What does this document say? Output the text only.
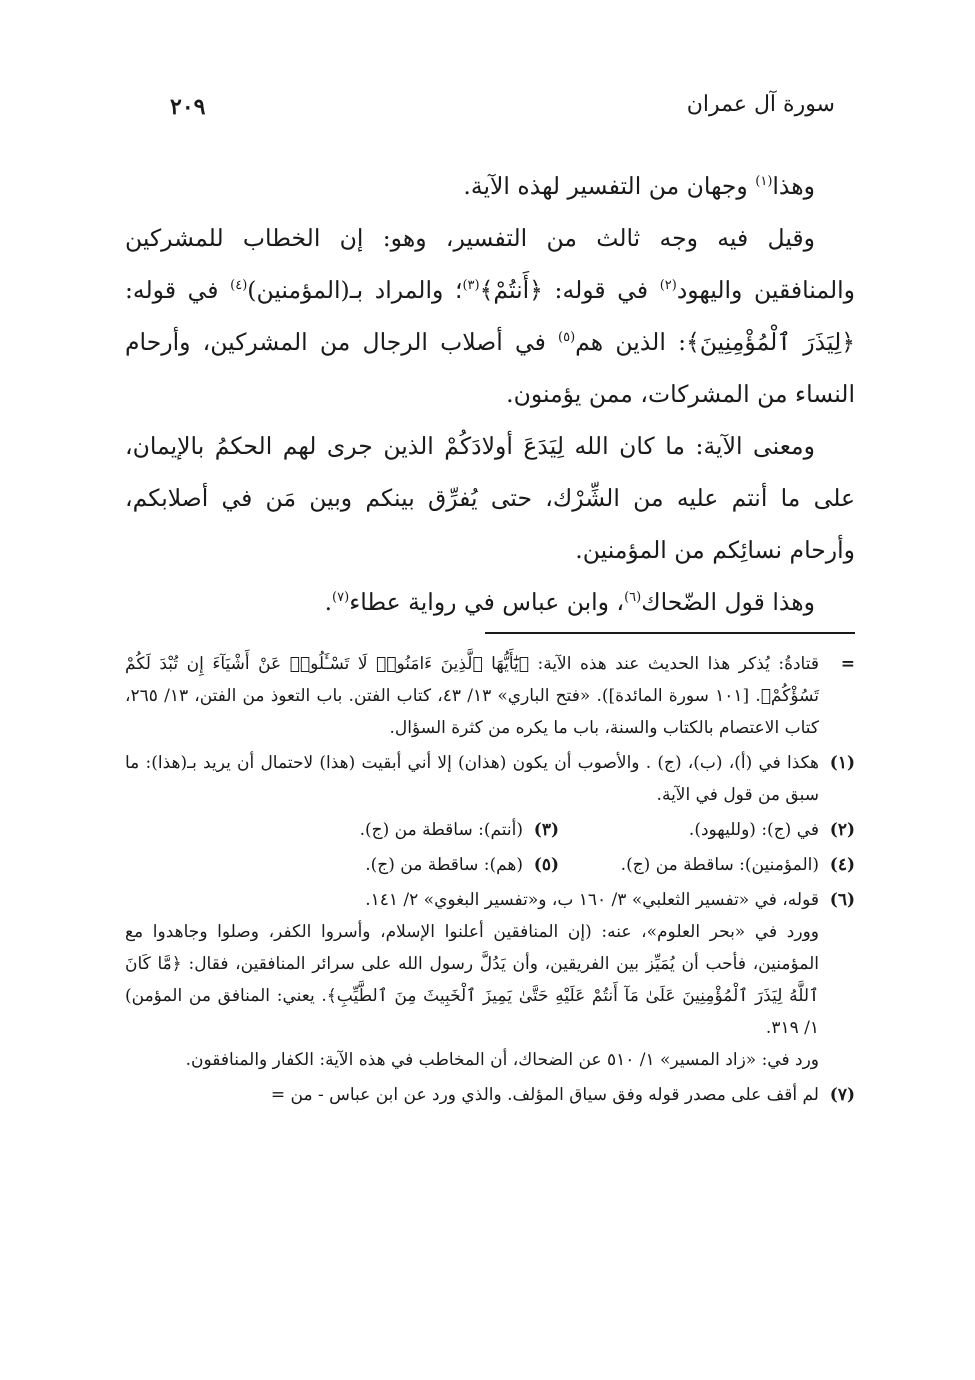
سورة آل عمران
٢٠٩

وهذا$^{(١)}$ وجهان من التفسير لهذه الآية.

وقيل فيه وجه ثالث من التفسير، وهو: إن الخطاب للمشركين والمنافقين واليهود$^{(٢)}$ في قوله: ﴿أَنتُمْ﴾$^{(٣)}$؛ والمراد بـ(المؤمنين)$^{(٤)}$ في قوله: ﴿لِيَذَرَ ٱلْمُؤْمِنِينَ﴾: الذين هم$^{(٥)}$ في أصلاب الرجال من المشركين، وأرحام النساء من المشركات، ممن يؤمنون.

ومعنى الآية: ما كان الله لِيَدَعَ أولادَكُمْ الذين جرى لهم الحكمُ بالإيمان، على ما أنتم عليه من الشِّرْك، حتى يُفرِّق بينكم وبين مَن في أصلابكم، وأرحام نسائِكم من المؤمنين.

وهذا قول الضّحاك$^{(٦)}$، وابن عباس في رواية عطاء$^{(٧)}$.

=
قتادةُ: يُذكر هذا الحديث عند هذه الآية: ﴿يَٰٓأَيُّهَا ٱلَّذِينَ ءَامَنُوا۟ لَا تَسْـَٔلُوا۟ عَنْ أَشْيَآءَ إِن تُبْدَ لَكُمْ تَسُؤْكُمْ﴾. [١٠١ سورة المائدة]). «فتح الباري» ١٣/ ٤٣، كتاب الفتن. باب التعوذ من الفتن، ١٣/ ٢٦٥، كتاب الاعتصام بالكتاب والسنة، باب ما يكره من كثرة السؤال.

(١)
هكذا في (أ)، (ب)، (ج) . والأصوب أن يكون (هذان) إلا أني أبقيت (هذا) لاحتمال أن يريد بـ(هذا): ما سبق من قول في الآية.

(٢)
في (ج): (ولليهود).
(٣)
(أنتم): ساقطة من (ج).
(٤)
(المؤمنين): ساقطة من (ج).
(٥)
(هم): ساقطة من (ج).

(٦)
قوله، في «تفسير الثعلبي» ٣/ ١٦٠ ب، و«تفسير البغوي» ٢/ ١٤١.
وورد في «بحر العلوم»، عنه: (إن المنافقين أعلنوا الإسلام، وأسروا الكفر، وصلوا وجاهدوا مع المؤمنين، فأحب أن يُمَيِّز بين الفريقين، وأن يَدُلَّ رسول الله على سرائر المنافقين، فقال: ﴿مَّا كَانَ ٱللَّهُ لِيَذَرَ ٱلْمُؤْمِنِينَ عَلَىٰ مَآ أَنتُمْ عَلَيْهِ حَتَّىٰ يَمِيزَ ٱلْخَبِيثَ مِنَ ٱلطَّيِّبِ﴾. يعني: المنافق من المؤمن) ١/ ٣١٩.
ورد في: «زاد المسير» ١/ ٥١٠ عن الضحاك، أن المخاطب في هذه الآية: الكفار والمنافقون.

(٧)
لم أقف على مصدر قوله وفق سياق المؤلف. والذي ورد عن ابن عباس - من =
